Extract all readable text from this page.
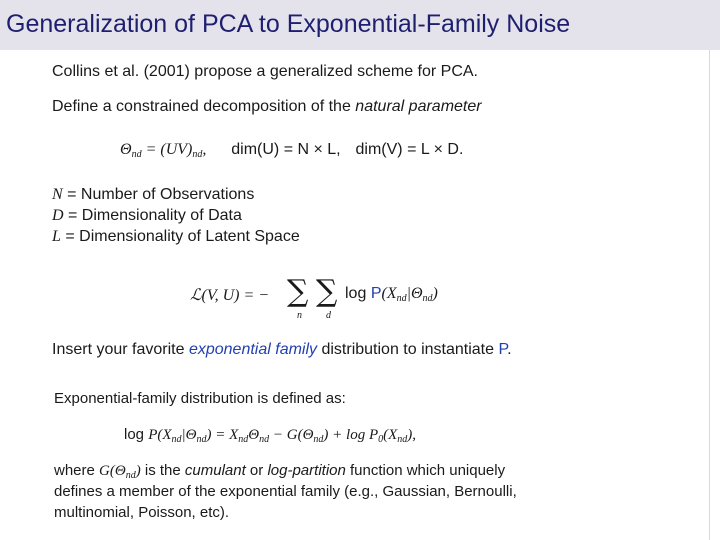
Generalization of PCA to Exponential-Family Noise
Collins et al. (2001) propose a generalized scheme for PCA.
Define a constrained decomposition of the natural parameter
Θnd = (UV)nd, dim(U) = N × L, dim(V) = L × D.
N = Number of Observations
D = Dimensionality of Data
L = Dimensionality of Latent Space
ℒ(V, U) = − ∑
n
∑
d
log P(Xnd|Θnd)
Insert your favorite exponential family distribution to instantiate P.
Exponential-family distribution is defined as:
$\log P(X_{nd}|\Theta_{nd}) = X_{nd}\Theta_{nd} - G(\Theta_{nd}) + \log P_0(X_{nd})$,
where $G(\Theta_{nd})$ is the cumulant or log-partition function which uniquely
defines a member of the exponential family (e.g., Gaussian, Bernoulli,
multinomial, Poisson, etc).
